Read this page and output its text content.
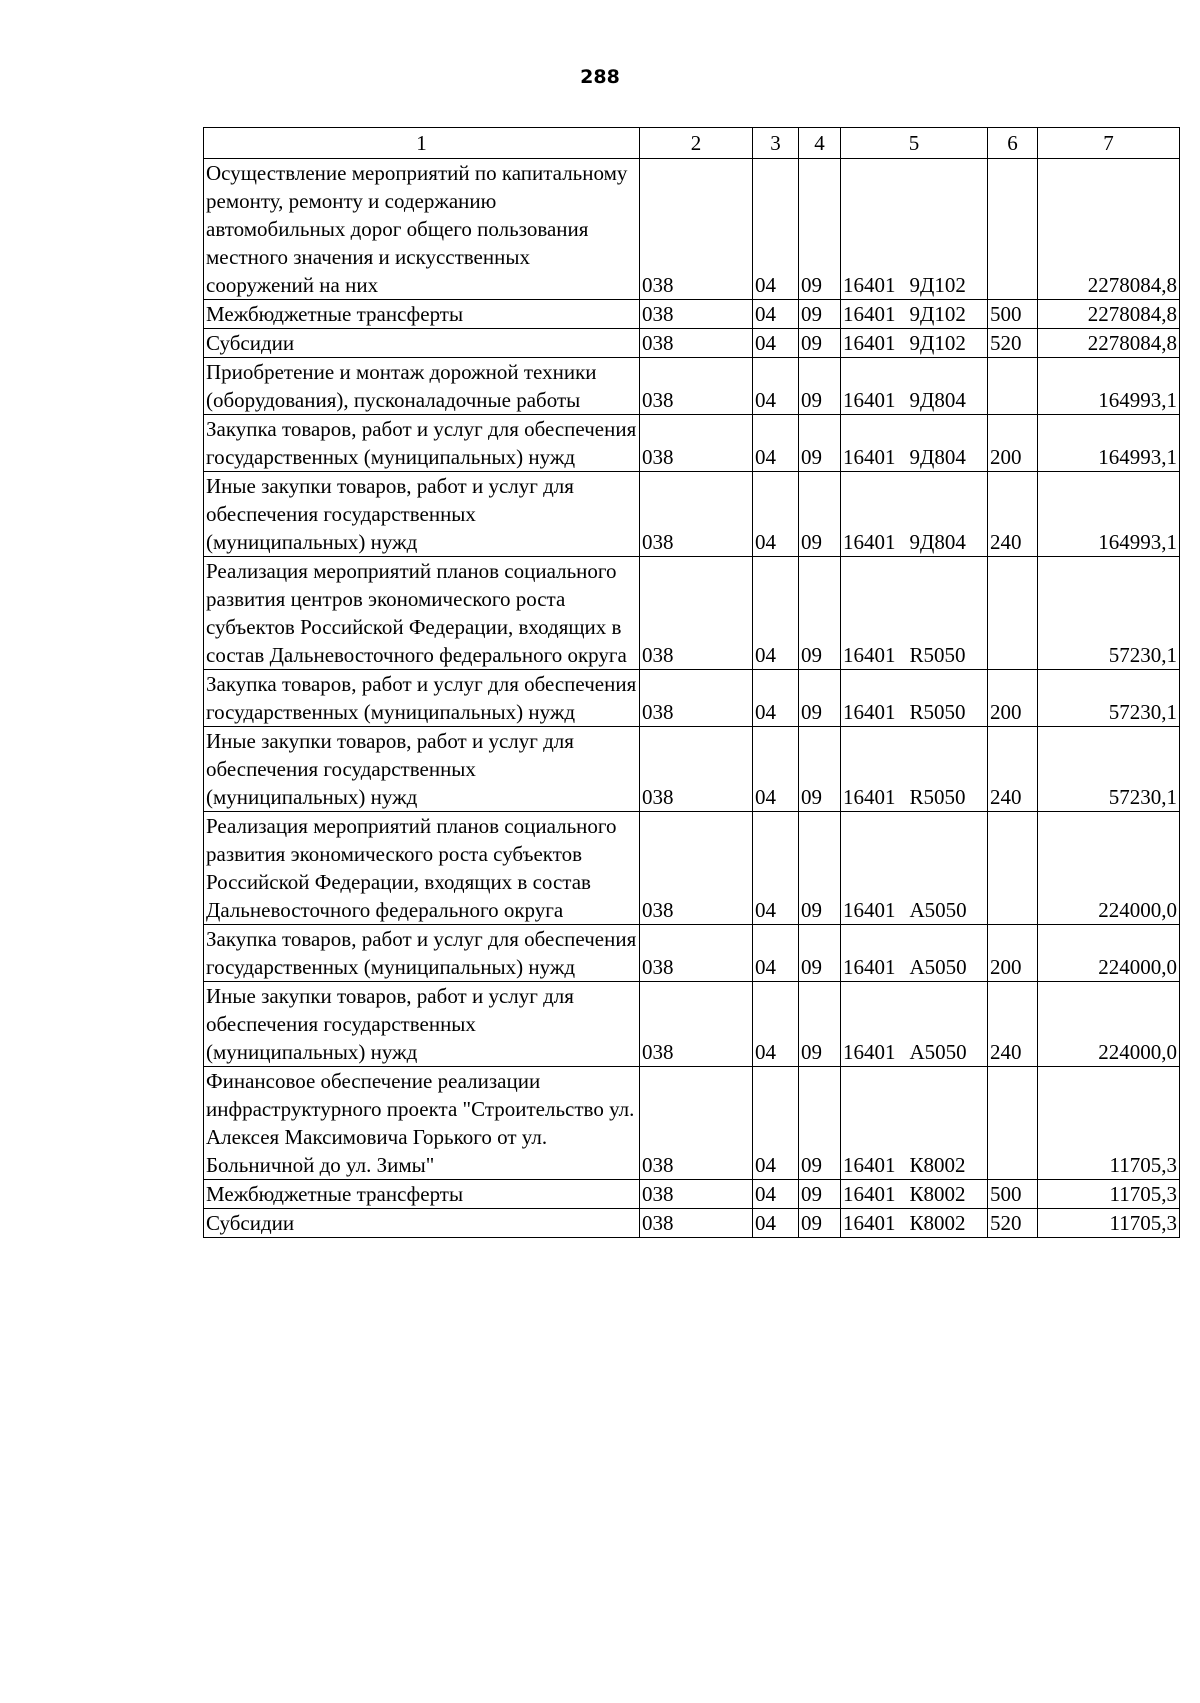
288
1	2	3	4	5	6	7
Осуществление мероприятий по капитальному ремонту, ремонту и содержанию автомобильных дорог общего пользования местного значения и искусственных сооружений на них	038	04	09	16401 9Д102		2278084,8
Межбюджетные трансферты	038	04	09	16401 9Д102	500	2278084,8
Субсидии	038	04	09	16401 9Д102	520	2278084,8
Приобретение и монтаж дорожной техники (оборудования), пусконаладочные работы	038	04	09	16401 9Д804		164993,1
Закупка товаров, работ и услуг для обеспечения государственных (муниципальных) нужд	038	04	09	16401 9Д804	200	164993,1
Иные закупки товаров, работ и услуг для обеспечения государственных (муниципальных) нужд	038	04	09	16401 9Д804	240	164993,1
Реализация мероприятий планов социального развития центров экономического роста субъектов Российской Федерации, входящих в состав Дальневосточного федерального округа	038	04	09	16401 R5050		57230,1
Закупка товаров, работ и услуг для обеспечения государственных (муниципальных) нужд	038	04	09	16401 R5050	200	57230,1
Иные закупки товаров, работ и услуг для обеспечения государственных (муниципальных) нужд	038	04	09	16401 R5050	240	57230,1
Реализация мероприятий планов социального развития экономического роста субъектов Российской Федерации, входящих в состав Дальневосточного федерального округа	038	04	09	16401 А5050		224000,0
Закупка товаров, работ и услуг для обеспечения государственных (муниципальных) нужд	038	04	09	16401 А5050	200	224000,0
Иные закупки товаров, работ и услуг для обеспечения государственных (муниципальных) нужд	038	04	09	16401 А5050	240	224000,0
Финансовое обеспечение реализации инфраструктурного проекта "Строительство ул. Алексея Максимовича Горького от ул. Больничной до ул. Зимы"	038	04	09	16401 К8002		11705,3
Межбюджетные трансферты	038	04	09	16401 К8002	500	11705,3
Субсидии	038	04	09	16401 К8002	520	11705,3
